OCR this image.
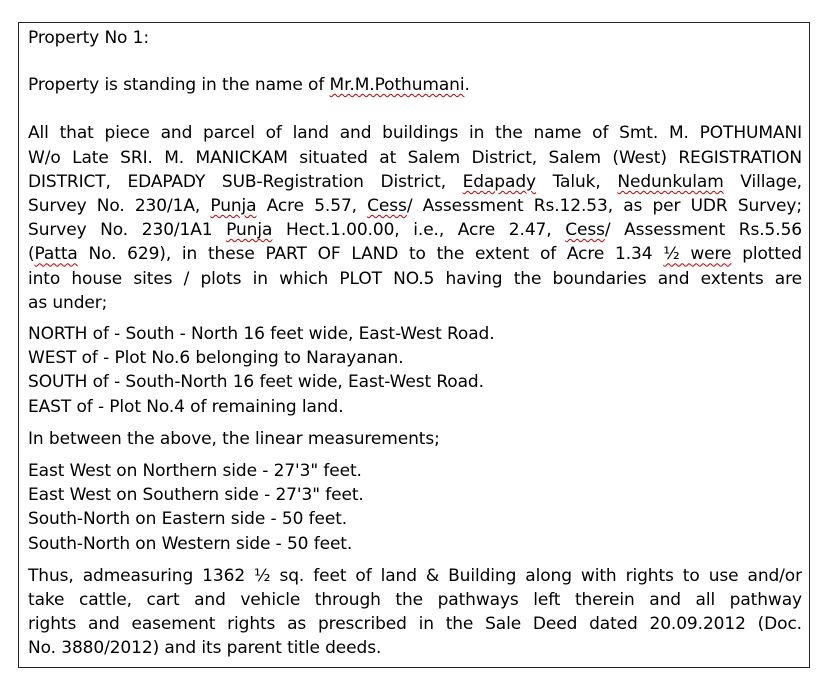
Property No 1:

Property is standing in the name of Mr.M.Pothumani.

All that piece and parcel of land and buildings in the name of Smt. M. POTHUMANI
W/o Late SRI. M. MANICKAM situated at Salem District, Salem (West) REGISTRATION
DISTRICT, EDAPADY SUB-Registration District, Edapady Taluk, Nedunkulam Village,
Survey No. 230/1A, Punja Acre 5.57, Cess/ Assessment Rs.12.53, as per UDR Survey;
Survey No. 230/1A1 Punja Hect.1.00.00, i.e., Acre 2.47, Cess/ Assessment Rs.5.56
(Patta No. 629), in these PART OF LAND to the extent of Acre 1.34 ½ were plotted
into house sites / plots in which PLOT NO.5 having the boundaries and extents are
as under;
NORTH of - South - North 16 feet wide, East-West Road.
WEST of - Plot No.6 belonging to Narayanan.
SOUTH of - South-North 16 feet wide, East-West Road.
EAST of - Plot No.4 of remaining land.

In between the above, the linear measurements;

East West on Northern side - 27'3" feet.
East West on Southern side - 27'3" feet.
South-North on Eastern side - 50 feet.
South-North on Western side - 50 feet.
Thus, admeasuring 1362 ½ sq. feet of land & Building along with rights to use and/or
take cattle, cart and vehicle through the pathways left therein and all pathway
rights and easement rights as prescribed in the Sale Deed dated 20.09.2012 (Doc.
No. 3880/2012) and its parent title deeds.
